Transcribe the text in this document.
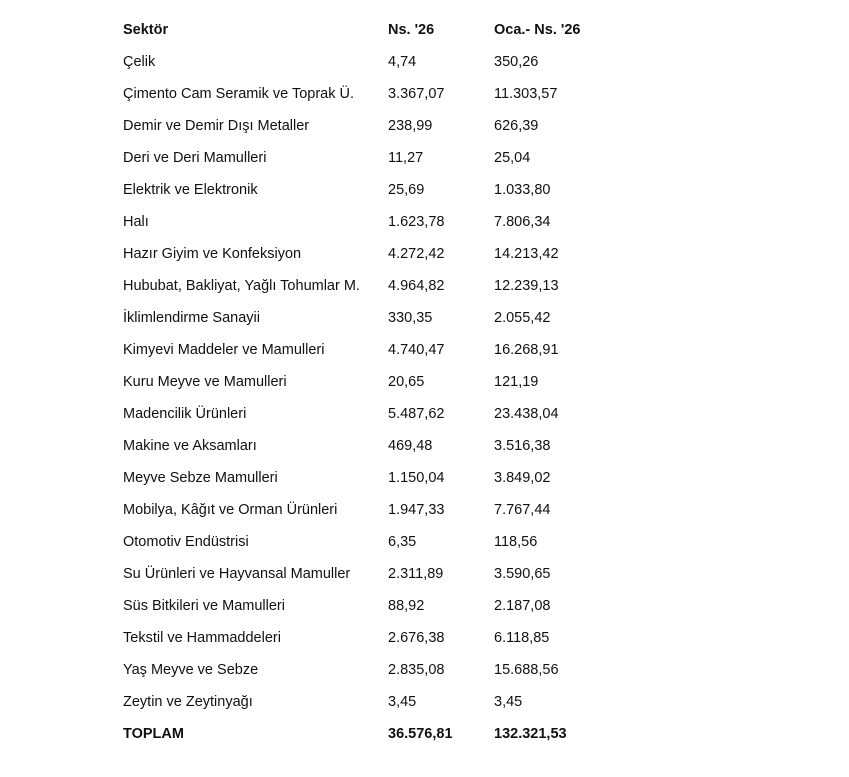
Sektör	Ns. '26	Oca.- Ns. '26
Çelik	4,74	350,26
Çimento Cam Seramik ve Toprak Ü. 3.367,07	11.303,57
Demir ve Demir Dışı Metaller	238,99	626,39
Deri ve Deri Mamulleri	11,27	25,04
Elektrik ve Elektronik	25,69	1.033,80
Halı	1.623,78	7.806,34
Hazır Giyim ve Konfeksiyon	4.272,42	14.213,42
Hububat, Bakliyat, Yağlı Tohumlar M. 4.964,82	12.239,13
İklimlendirme Sanayii	330,35	2.055,42
Kimyevi Maddeler ve Mamulleri	4.740,47	16.268,91
Kuru Meyve ve Mamulleri	20,65	121,19
Madencilik Ürünleri	5.487,62	23.438,04
Makine ve Aksamları	469,48	3.516,38
Meyve Sebze Mamulleri	1.150,04	3.849,02
Mobilya, Kâğıt ve Orman Ürünleri	1.947,33	7.767,44
Otomotiv Endüstrisi	6,35	118,56
Su Ürünleri ve Hayvansal Mamuller	2.311,89	3.590,65
Süs Bitkileri ve Mamulleri	88,92	2.187,08
Tekstil ve Hammaddeleri	2.676,38	6.118,85
Yaş Meyve ve Sebze	2.835,08	15.688,56
Zeytin ve Zeytinyağı	3,45	3,45
TOPLAM	36.576,81	132.321,53
